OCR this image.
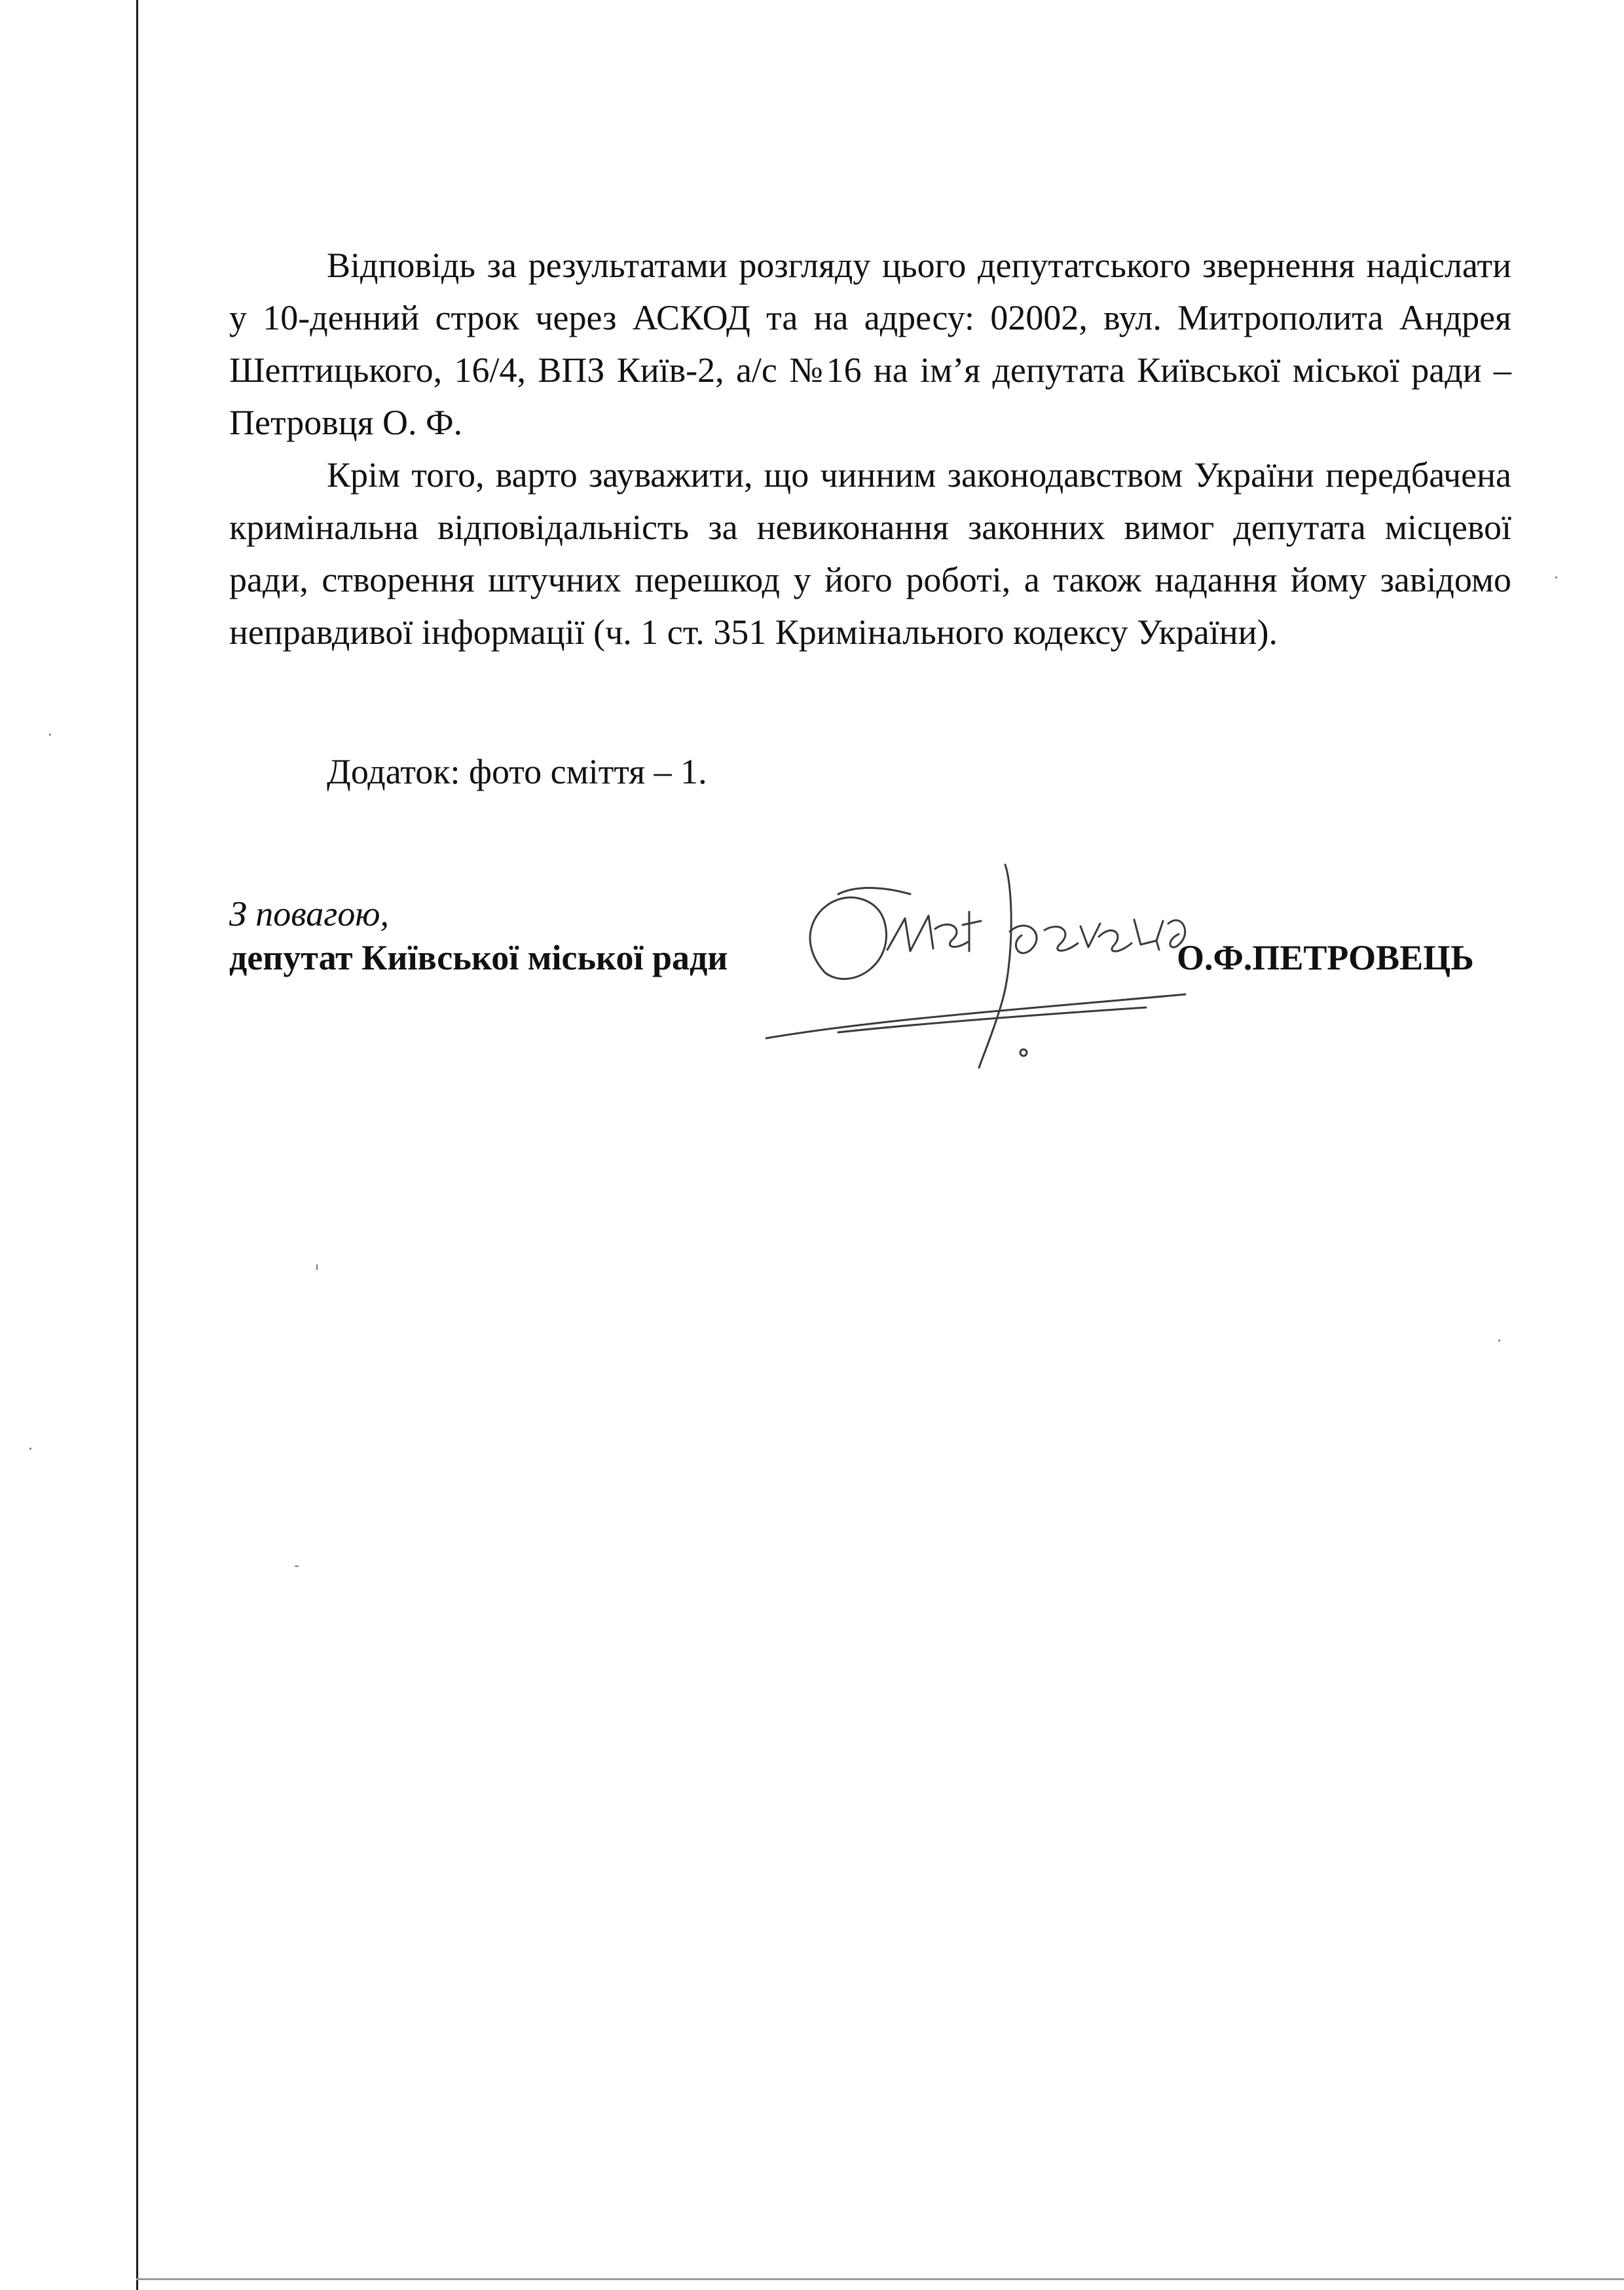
Відповідь за результатами розгляду цього депутатського звернення надіслати у 10-денний строк через АСКОД та на адресу: 02002, вул. Митрополита Андрея Шептицького, 16/4, ВПЗ Київ-2, а/с №16 на ім’я депутата Київської міської ради – Петровця О. Ф.

Крім того, варто зауважити, що чинним законодавством України передбачена кримінальна відповідальність за невиконання законних вимог депутата місцевої ради, створення штучних перешкод у його роботі, а також надання йому завідомо неправдивої інформації (ч. 1 ст. 351 Кримінального кодексу України).

Додаток: фото сміття – 1.
З повагою,
депутат Київської міської ради	О.Ф.ПЕТРОВЕЦЬ
